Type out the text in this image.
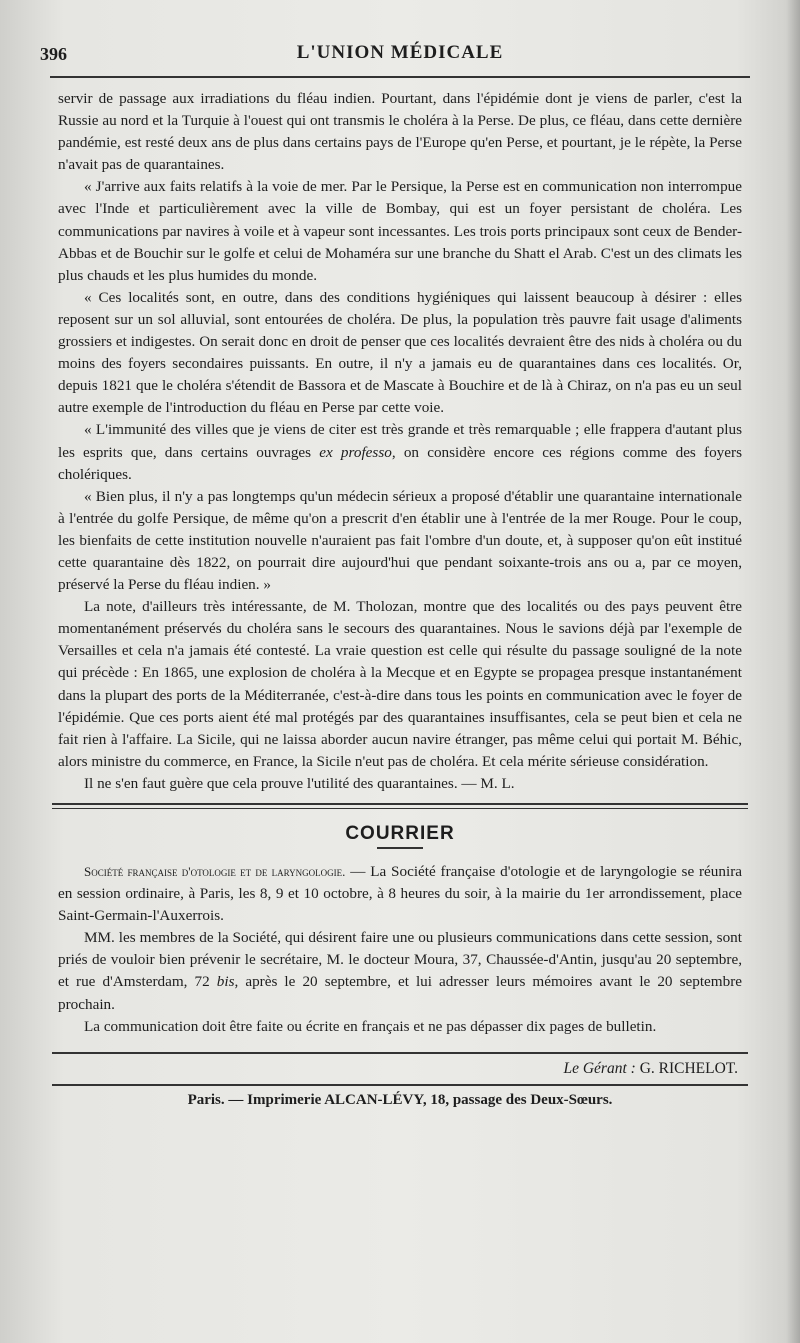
396	L'UNION MÉDICALE

servir de passage aux irradiations du fléau indien. Pourtant, dans l'épidémie dont je viens de parler, c'est la Russie au nord et la Turquie à l'ouest qui ont transmis le choléra à la Perse. De plus, ce fléau, dans cette dernière pandémie, est resté deux ans de plus dans certains pays de l'Europe qu'en Perse, et pourtant, je le répète, la Perse n'avait pas de quarantaines.

« J'arrive aux faits relatifs à la voie de mer. Par le Persique, la Perse est en communication non interrompue avec l'Inde et particulièrement avec la ville de Bombay, qui est un foyer persistant de choléra. Les communications par navires à voile et à vapeur sont incessantes. Les trois ports principaux sont ceux de Bender-Abbas et de Bouchir sur le golfe et celui de Mohaméra sur une branche du Shatt el Arab. C'est un des climats les plus chauds et les plus humides du monde.

« Ces localités sont, en outre, dans des conditions hygiéniques qui laissent beaucoup à désirer : elles reposent sur un sol alluvial, sont entourées de choléra. De plus, la population très pauvre fait usage d'aliments grossiers et indigestes. On serait donc en droit de penser que ces localités devraient être des nids à choléra ou du moins des foyers secondaires puissants. En outre, il n'y a jamais eu de quarantaines dans ces localités. Or, depuis 1821 que le choléra s'étendit de Bassora et de Mascate à Bouchire et de là à Chiraz, on n'a pas eu un seul autre exemple de l'introduction du fléau en Perse par cette voie.

« L'immunité des villes que je viens de citer est très grande et très remarquable ; elle frappera d'autant plus les esprits que, dans certains ouvrages ex professo, on considère encore ces régions comme des foyers cholériques.

« Bien plus, il n'y a pas longtemps qu'un médecin sérieux a proposé d'établir une quarantaine internationale à l'entrée du golfe Persique, de même qu'on a prescrit d'en établir une à l'entrée de la mer Rouge. Pour le coup, les bienfaits de cette institution nouvelle n'auraient pas fait l'ombre d'un doute, et, à supposer qu'on eût institué cette quarantaine dès 1822, on pourrait dire aujourd'hui que pendant soixante-trois ans ou a, par ce moyen, préservé la Perse du fléau indien. »

La note, d'ailleurs très intéressante, de M. Tholozan, montre que des localités ou des pays peuvent être momentanément préservés du choléra sans le secours des quarantaines. Nous le savions déjà par l'exemple de Versailles et cela n'a jamais été contesté. La vraie question est celle qui résulte du passage souligné de la note qui précède : En 1865, une explosion de choléra à la Mecque et en Egypte se propagea presque instantanément dans la plupart des ports de la Méditerranée, c'est-à-dire dans tous les points en communication avec le foyer de l'épidémie. Que ces ports aient été mal protégés par des quarantaines insuffisantes, cela se peut bien et cela ne fait rien à l'affaire. La Sicile, qui ne laissa aborder aucun navire étranger, pas même celui qui portait M. Béhic, alors ministre du commerce, en France, la Sicile n'eut pas de choléra. Et cela mérite sérieuse considération.

Il ne s'en faut guère que cela prouve l'utilité des quarantaines. — M. L.

COURRIER

Société française d'otologie et de laryngologie. — La Société française d'otologie et de laryngologie se réunira en session ordinaire, à Paris, les 8, 9 et 10 octobre, à 8 heures du soir, à la mairie du 1er arrondissement, place Saint-Germain-l'Auxerrois.

MM. les membres de la Société, qui désirent faire une ou plusieurs communications dans cette session, sont priés de vouloir bien prévenir le secrétaire, M. le docteur Moura, 37, Chaussée-d'Antin, jusqu'au 20 septembre, et rue d'Amsterdam, 72 bis, après le 20 septembre, et lui adresser leurs mémoires avant le 20 septembre prochain.

La communication doit être faite ou écrite en français et ne pas dépasser dix pages de bulletin.

Le Gérant : G. RICHELOT.
Paris. — Imprimerie ALCAN-LÉVY, 18, passage des Deux-Sœurs.
